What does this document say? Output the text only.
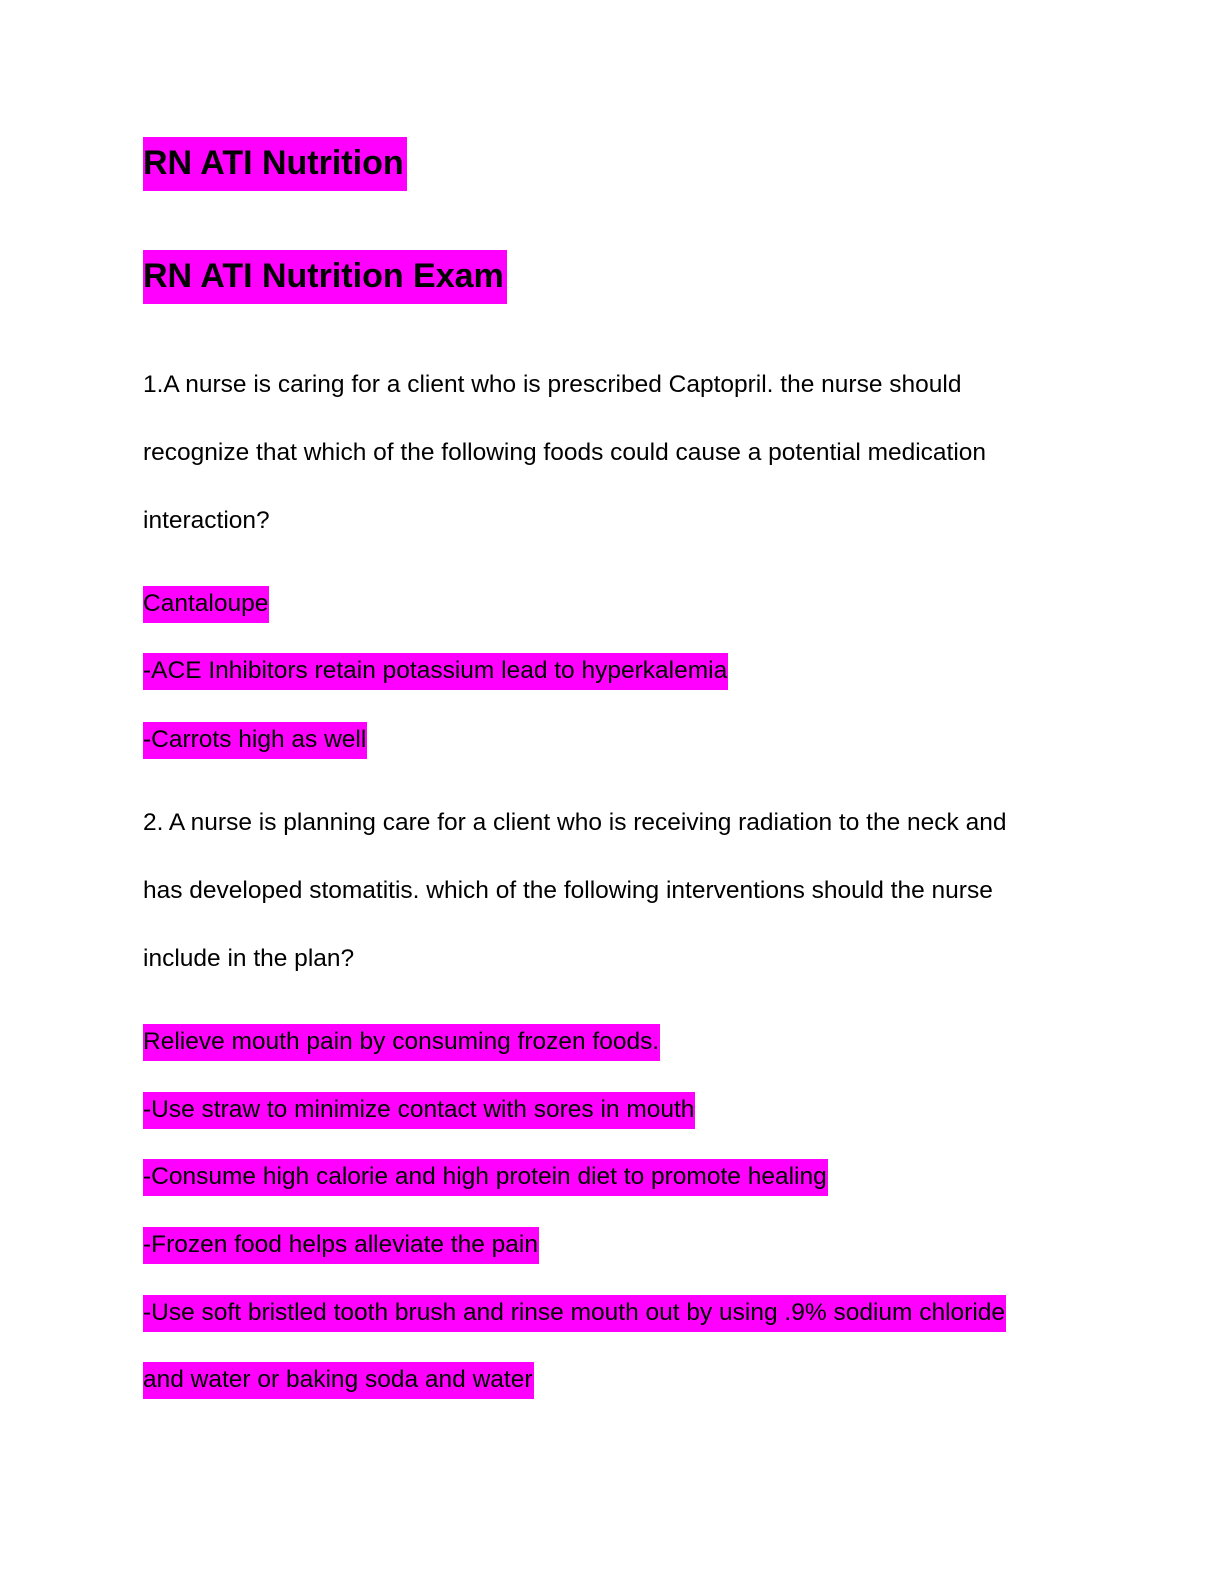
RN ATI Nutrition
RN ATI Nutrition Exam
1.A nurse is caring for a client who is prescribed Captopril. the nurse should
recognize that which of the following foods could cause a potential medication
interaction?
Cantaloupe
-ACE Inhibitors retain potassium lead to hyperkalemia
-Carrots high as well
2. A nurse is planning care for a client who is receiving radiation to the neck and
has developed stomatitis. which of the following interventions should the nurse
include in the plan?
Relieve mouth pain by consuming frozen foods.
-Use straw to minimize contact with sores in mouth
-Consume high calorie and high protein diet to promote healing
-Frozen food helps alleviate the pain
-Use soft bristled tooth brush and rinse mouth out by using .9% sodium chloride
and water or baking soda and water
